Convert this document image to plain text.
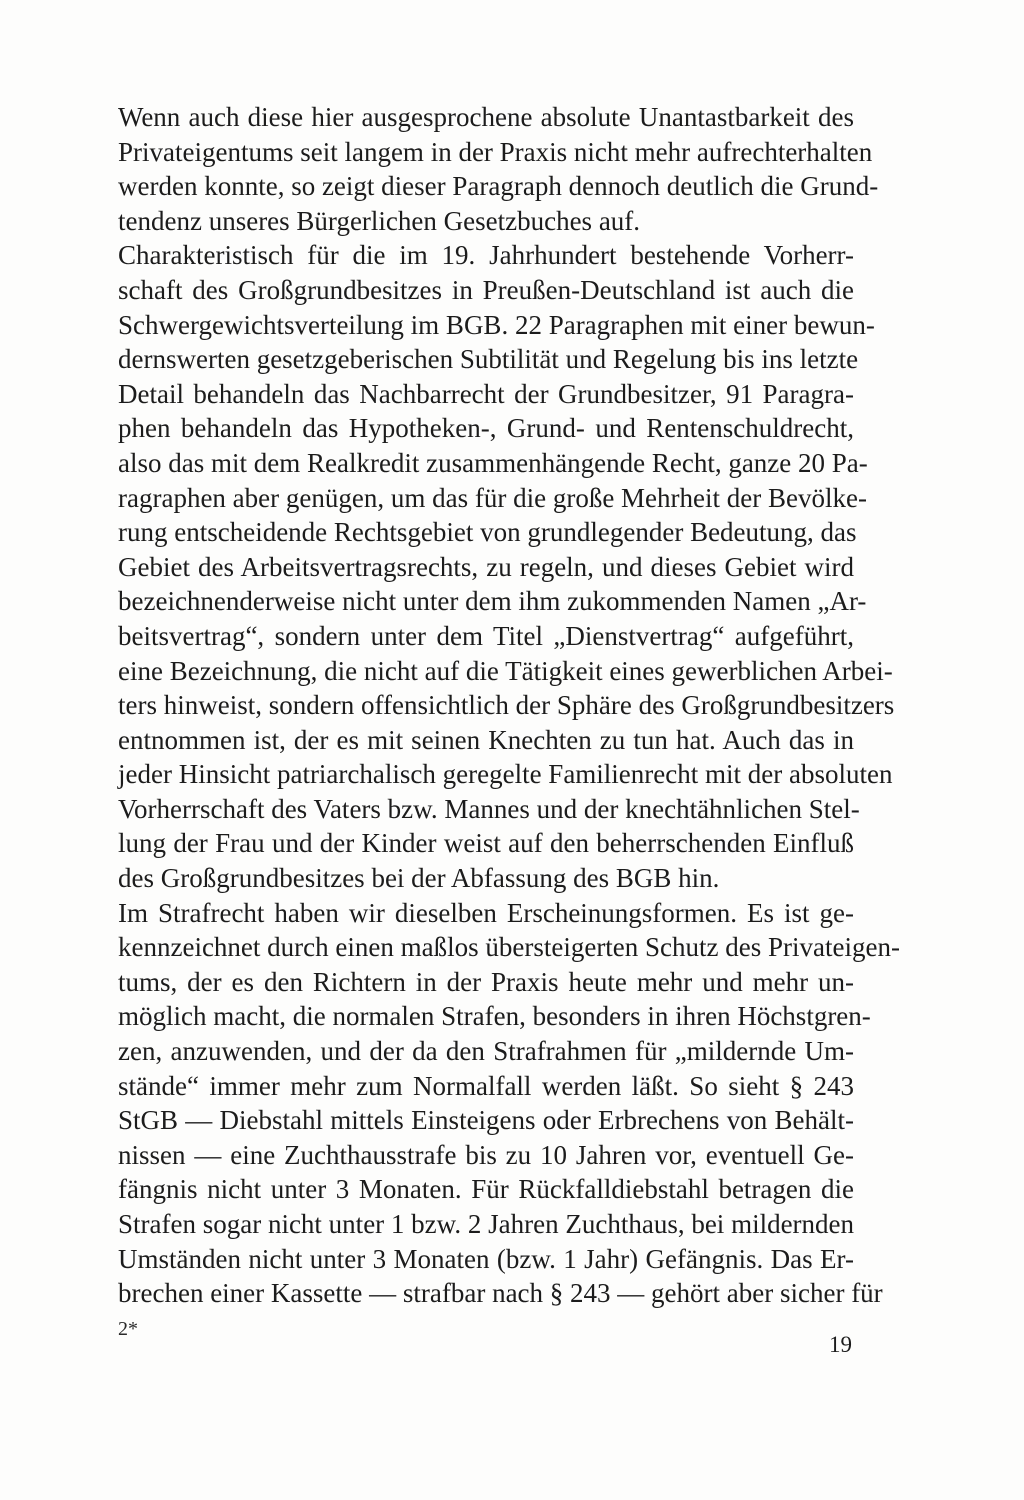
Wenn auch diese hier ausgesprochene absolute Unantastbarkeit des
Privateigentums seit langem in der Praxis nicht mehr aufrechterhalten
werden konnte, so zeigt dieser Paragraph dennoch deutlich die Grund-
tendenz unseres Bürgerlichen Gesetzbuches auf.
Charakteristisch für die im 19. Jahrhundert bestehende Vorherr-
schaft des Großgrundbesitzes in Preußen-Deutschland ist auch die
Schwergewichtsverteilung im BGB. 22 Paragraphen mit einer bewun-
dernswerten gesetzgeberischen Subtilität und Regelung bis ins letzte
Detail behandeln das Nachbarrecht der Grundbesitzer, 91 Paragra-
phen behandeln das Hypotheken-, Grund- und Rentenschuldrecht,
also das mit dem Realkredit zusammenhängende Recht, ganze 20 Pa-
ragraphen aber genügen, um das für die große Mehrheit der Bevölke-
rung entscheidende Rechtsgebiet von grundlegender Bedeutung, das
Gebiet des Arbeitsvertragsrechts, zu regeln, und dieses Gebiet wird
bezeichnenderweise nicht unter dem ihm zukommenden Namen „Ar-
beitsvertrag“, sondern unter dem Titel „Dienstvertrag“ aufgeführt,
eine Bezeichnung, die nicht auf die Tätigkeit eines gewerblichen Arbei-
ters hinweist, sondern offensichtlich der Sphäre des Großgrundbesitzers
entnommen ist, der es mit seinen Knechten zu tun hat. Auch das in
jeder Hinsicht patriarchalisch geregelte Familienrecht mit der absoluten
Vorherrschaft des Vaters bzw. Mannes und der knechtähnlichen Stel-
lung der Frau und der Kinder weist auf den beherrschenden Einfluß
des Großgrundbesitzes bei der Abfassung des BGB hin.
Im Strafrecht haben wir dieselben Erscheinungsformen. Es ist ge-
kennzeichnet durch einen maßlos übersteigerten Schutz des Privateigen-
tums, der es den Richtern in der Praxis heute mehr und mehr un-
möglich macht, die normalen Strafen, besonders in ihren Höchstgren-
zen, anzuwenden, und der da den Strafrahmen für „mildernde Um-
stände“ immer mehr zum Normalfall werden läßt. So sieht § 243
StGB — Diebstahl mittels Einsteigens oder Erbrechens von Behält-
nissen — eine Zuchthausstrafe bis zu 10 Jahren vor, eventuell Ge-
fängnis nicht unter 3 Monaten. Für Rückfalldiebstahl betragen die
Strafen sogar nicht unter 1 bzw. 2 Jahren Zuchthaus, bei mildernden
Umständen nicht unter 3 Monaten (bzw. 1 Jahr) Gefängnis. Das Er-
brechen einer Kassette — strafbar nach § 243 — gehört aber sicher für
2*
19
